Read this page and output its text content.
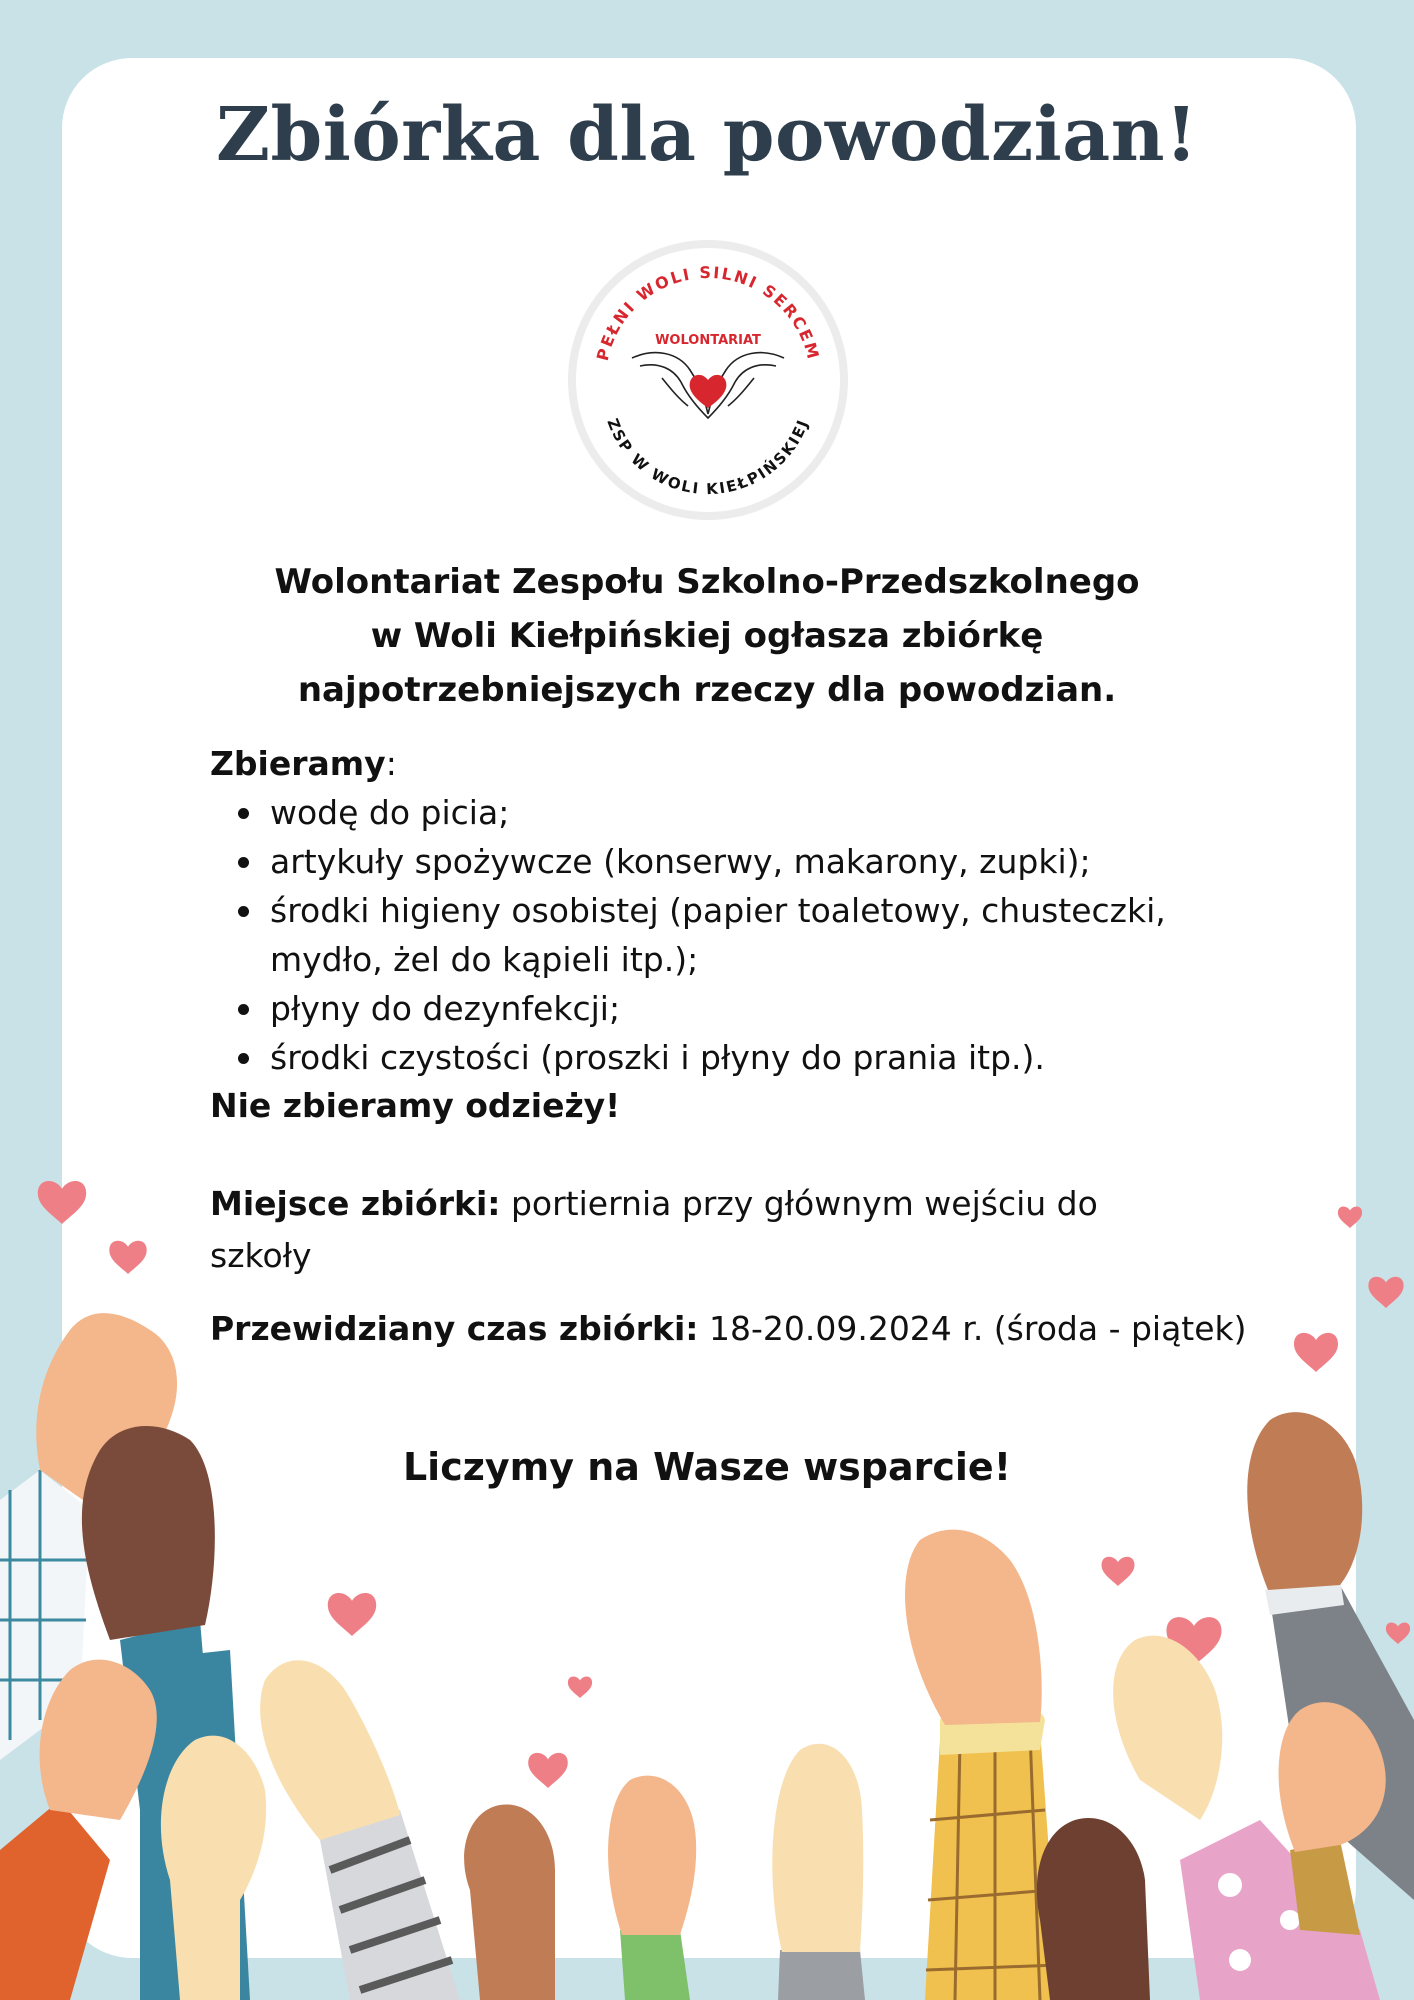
Zbiórka dla powodzian!
PEŁNI WOLI SILNI SERCEM
ZSP W WOLI KIEŁPIŃSKIEJ
WOLONTARIAT
Wolontariat Zespołu Szkolno-Przedszkolnego
w Woli Kiełpińskiej ogłasza zbiórkę
najpotrzebniejszych rzeczy dla powodzian.
Zbieramy:
wodę do picia;
artykuły spożywcze (konserwy, makarony, zupki);
środki higieny osobistej (papier toaletowy, chusteczki, mydło, żel do kąpieli itp.);
płyny do dezynfekcji;
środki czystości (proszki i płyny do prania itp.).
Nie zbieramy odzieży!
Miejsce zbiórki: portiernia przy głównym wejściu do szkoły
Przewidziany czas zbiórki: 18-20.09.2024 r. (środa - piątek)
Liczymy na Wasze wsparcie!
